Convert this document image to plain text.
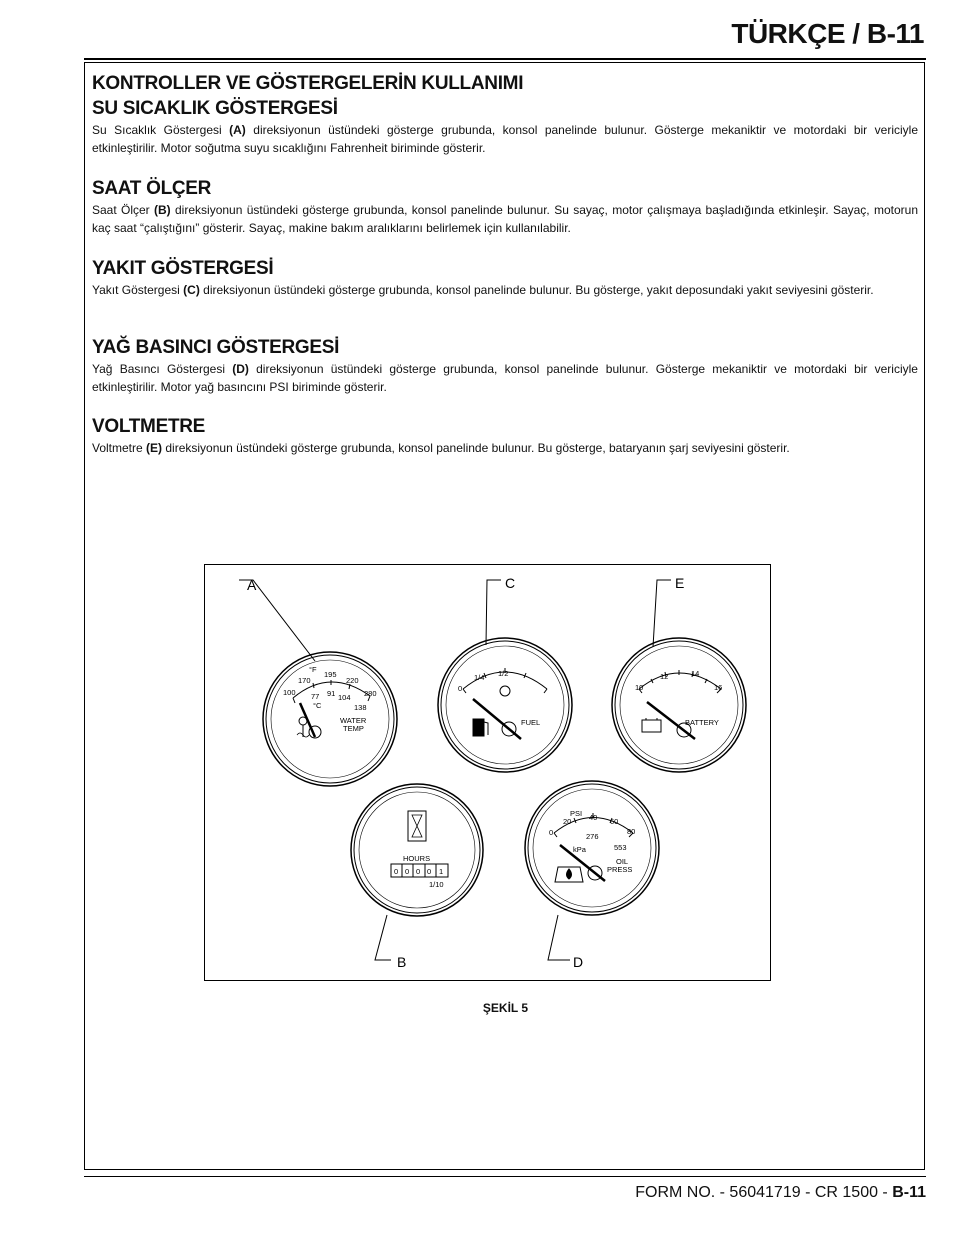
TÜRKÇE / B-11
KONTROLLER VE GÖSTERGELERİN KULLANIMI
SU SICAKLIK GÖSTERGESİ

Su Sıcaklık Göstergesi (A) direksiyonun üstündeki gösterge grubunda, konsol panelinde bulunur. Gösterge mekaniktir ve motordaki bir vericiyle etkinleştirilir. Motor soğutma suyu sıcaklığını Fahrenheit biriminde gösterir.

SAAT ÖLÇER

Saat Ölçer (B) direksiyonun üstündeki gösterge grubunda, konsol panelinde bulunur. Su sayaç, motor çalışmaya başladığında etkinleşir. Sayaç, motorun kaç saat “çalıştığını” gösterir. Sayaç, makine bakım aralıklarını belirlemek için kullanılabilir.

YAKIT GÖSTERGESİ

Yakıt Göstergesi (C) direksiyonun üstündeki gösterge grubunda, konsol panelinde bulunur. Bu gösterge, yakıt deposundaki yakıt seviyesini gösterir.

YAĞ BASINCI GÖSTERGESİ

Yağ Basıncı Göstergesi (D) direksiyonun üstündeki gösterge grubunda, konsol panelinde bulunur. Gösterge mekaniktir ve motordaki bir vericiyle etkinleştirilir. Motor yağ basıncını PSI biriminde gösterir.

VOLTMETRE

Voltmetre (E) direksiyonun üstündeki gösterge grubunda, konsol panelinde bulunur. Bu gösterge, bataryanın şarj seviyesini gösterir.

A	C	E
B	D
°F
170
195
220
100	280
77 91 104
138
°C
WATER
TEMP
0
1/4 1/2
FUEL
10
12	14
16
BATTERY
HOURS
0 0 0 0 1
1/10
PSI
20 40 60
0	80
276
kPa	553
OIL
PRESS
ŞEKİL 5
FORM NO. - 56041719 - CR 1500 - B-11
